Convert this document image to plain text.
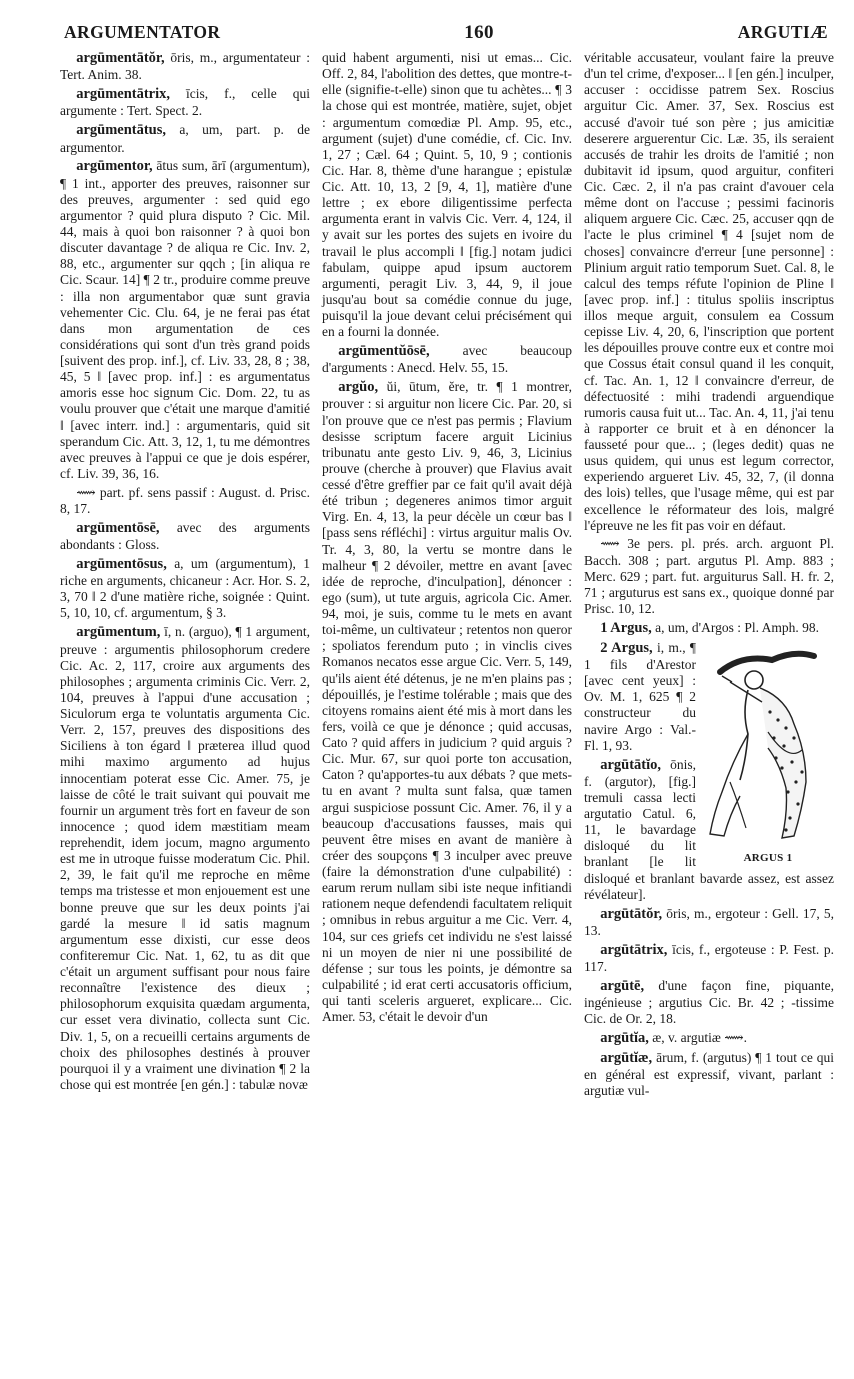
ARGUMENTATOR	160	ARGUTIÆ

argūmentātŏr, ōris, m., argumentateur : Tert. Anim. 38.

argūmentātrix, īcis, f., celle qui argumente : Tert. Spect. 2.

argūmentātus, a, um, part. p. de argumentor.

argūmentor, ātus sum, ārī (argumentum), ¶ 1 int., apporter des preuves, raisonner sur des preuves, argumenter : sed quid ego argumentor ? quid plura disputo ? Cic. Mil. 44, mais à quoi bon raisonner ? à quoi bon discuter davantage ? de aliqua re Cic. Inv. 2, 88, etc., argumenter sur qqch ; [in aliqua re Cic. Scaur. 14] ¶ 2 tr., produire comme preuve : illa non argumentabor quæ sunt gravia vehementer Cic. Clu. 64, je ne ferai pas état dans mon argumentation de ces considérations qui sont d'un très grand poids [suivent des prop. inf.], cf. Liv. 33, 28, 8 ; 38, 45, 5 ‖ [avec prop. inf.] : es argumentatus amoris esse hoc signum Cic. Dom. 22, tu as voulu prouver que c'était une marque d'amitié ‖ [avec interr. ind.] : argumentaris, quid sit sperandum Cic. Att. 3, 12, 1, tu me démontres avec preuves à l'appui ce que je dois espérer, cf. Liv. 39, 36, 16.

⟿ part. pf. sens passif : August. d. Prisc. 8, 17.

argūmentōsē, avec des arguments abondants : Gloss.

argūmentōsus, a, um (argumentum), 1 riche en arguments, chicaneur : Acr. Hor. S. 2, 3, 70 ‖ 2 d'une matière riche, soignée : Quint. 5, 10, 10, cf. argumentum, § 3.

argūmentum, ī, n. (arguo), ¶ 1 argument, preuve : argumentis philosophorum credere Cic. Ac. 2, 117, croire aux arguments des philosophes ; argumenta criminis Cic. Verr. 2, 104, preuves à l'appui d'une accusation ; Siculorum erga te voluntatis argumenta Cic. Verr. 2, 157, preuves des dispositions des Siciliens à ton égard ‖ præterea illud quod mihi maximo argumento ad hujus innocentiam poterat esse Cic. Amer. 75, je laisse de côté le trait suivant qui pouvait me fournir un argument très fort en faveur de son innocence ; quod idem mæstitiam meam reprehendit, idem jocum, magno argumento est me in utroque fuisse moderatum Cic. Phil. 2, 39, le fait qu'il me reproche en même temps ma tristesse et mon enjouement est une bonne preuve que sur les deux points j'ai gardé la mesure ‖ id satis magnum argumentum esse dixisti, cur esse deos confiteremur Cic. Nat. 1, 62, tu as dit que c'était un argument suffisant pour nous faire reconnaître l'existence des dieux ; philosophorum exquisita quædam argumenta, cur esset vera divinatio, collecta sunt Cic. Div. 1, 5, on a recueilli certains arguments de choix des philosophes destinés à prouver pourquoi il y a vraiment une divination ¶ 2 la chose qui est montrée [en gén.] : tabulæ novæ

quid habent argumenti, nisi ut emas... Cic. Off. 2, 84, l'abolition des dettes, que montre-t-elle (signifie-t-elle) sinon que tu achètes... ¶ 3 la chose qui est montrée, matière, sujet, objet : argumentum comœdiæ Pl. Amp. 95, etc., argument (sujet) d'une comédie, cf. Cic. Inv. 1, 27 ; Cæl. 64 ; Quint. 5, 10, 9 ; contionis Cic. Har. 8, thème d'une harangue ; epistulæ Cic. Att. 10, 13, 2 [9, 4, 1], matière d'une lettre ; ex ebore diligentissime perfecta argumenta erant in valvis Cic. Verr. 4, 124, il y avait sur les portes des sujets en ivoire du travail le plus accompli ‖ [fig.] notam judici fabulam, quippe apud ipsum auctorem argumenti, peragit Liv. 3, 44, 9, il joue jusqu'au bout sa comédie connue du juge, puisqu'il la joue devant celui précisément qui en a fourni la donnée.

argūmentŭōsē, avec beaucoup d'arguments : Anecd. Helv. 55, 15.

argŭo, ŭi, ūtum, ĕre, tr. ¶ 1 montrer, prouver : si arguitur non licere Cic. Par. 20, si l'on prouve que ce n'est pas permis ; Flavium desisse scriptum facere arguit Licinius tribunatu ante gesto Liv. 9, 46, 3, Licinius prouve (cherche à prouver) que Flavius avait cessé d'être greffier par ce fait qu'il avait déjà été tribun ; degeneres animos timor arguit Virg. En. 4, 13, la peur décèle un cœur bas ‖ [pass sens réfléchi] : virtus arguitur malis Ov. Tr. 4, 3, 80, la vertu se montre dans le malheur ¶ 2 dévoiler, mettre en avant [avec idée de reproche, d'inculpation], dénoncer : ego (sum), ut tute arguis, agricola Cic. Amer. 94, moi, je suis, comme tu le mets en avant toi-même, un cultivateur ; retentos non queror ; spoliatos ferendum puto ; in vinclis cives Romanos necatos esse argue Cic. Verr. 5, 149, qu'ils aient été détenus, je ne m'en plains pas ; dépouillés, je l'estime tolérable ; mais que des citoyens romains aient été mis à mort dans les fers, voilà ce que je dénonce ; quid accusas, Cato ? quid affers in judicium ? quid arguis ? Cic. Mur. 67, sur quoi porte ton accusation, Caton ? qu'apportes-tu aux débats ? que mets-tu en avant ? multa sunt falsa, quæ tamen argui suspiciose possunt Cic. Amer. 76, il y a beaucoup d'accusations fausses, mais qui peuvent être mises en avant de manière à créer des soupçons ¶ 3 inculper avec preuve (faire la démonstration d'une culpabilité) : earum rerum nullam sibi iste neque infitiandi rationem neque defendendi facultatem reliquit ; omnibus in rebus arguitur a me Cic. Verr. 4, 104, sur ces griefs cet individu ne s'est laissé ni un moyen de nier ni une possibilité de défense ; sur tous les points, je démontre sa culpabilité ; id erat certi accusatoris officium, qui tanti sceleris argueret, explicare... Cic. Amer. 53, c'était le devoir d'un

véritable accusateur, voulant faire la preuve d'un tel crime, d'exposer... ‖ [en gén.] inculper, accuser : occidisse patrem Sex. Roscius arguitur Cic. Amer. 37, Sex. Roscius est accusé d'avoir tué son père ; jus amicitiæ deserere arguerentur Cic. Læ. 35, ils seraient accusés de trahir les droits de l'amitié ; non dubitavit id ipsum, quod arguitur, confiteri Cic. Cæc. 2, il n'a pas craint d'avouer cela même dont on l'accuse ; pessimi facinoris aliquem arguere Cic. Cæc. 25, accuser qqn de l'acte le plus criminel ¶ 4 [sujet nom de choses] convaincre d'erreur [une personne] : Plinium arguit ratio temporum Suet. Cal. 8, le calcul des temps réfute l'opinion de Pline ‖ [avec prop. inf.] : titulus spoliis inscriptus illos meque arguit, consulem ea Cossum cepisse Liv. 4, 20, 6, l'inscription que portent les dépouilles prouve contre eux et contre moi que Cossus était consul quand il les conquit, cf. Tac. An. 1, 12 ‖ convaincre d'erreur, de défectuosité : mihi tradendi arguendique rumoris causa fuit ut... Tac. An. 4, 11, j'ai tenu à rapporter ce bruit et à en dénoncer la fausseté pour que... ; (leges dedit) quas ne usus quidem, qui unus est legum corrector, experiendo argueret Liv. 45, 32, 7, (il donna des lois) telles, que l'usage même, qui est par excellence le réformateur des lois, malgré l'épreuve ne les fit pas voir en défaut.

⟿ 3e pers. pl. prés. arch. arguont Pl. Bacch. 308 ; part. argutus Pl. Amp. 883 ; Merc. 629 ; part. fut. arguiturus Sall. H. fr. 2, 71 ; arguturus est sans ex., quoique donné par Prisc. 10, 12.

1 Argus, a, um, d'Argos : Pl. Amph. 98.

ARGUS 1

2 Argus, i, m., ¶ 1 fils d'Arestor [avec cent yeux] : Ov. M. 1, 625 ¶ 2 constructeur du navire Argo : Val.-Fl. 1, 93.

argūtātĭo, ōnis, f. (argutor), [fig.] tremuli cassa lecti argutatio Catul. 6, 11, le bavardage disloqué du lit branlant [le lit disloqué et branlant bavarde assez, est assez révélateur].

argūtātŏr, ōris, m., ergoteur : Gell. 17, 5, 13.

argūtātrix, īcis, f., ergoteuse : P. Fest. p. 117.

argūtē, d'une façon fine, piquante, ingénieuse ; argutius Cic. Br. 42 ; -tissime Cic. de Or. 2, 18.

argūtĭa, æ, v. argutiæ ⟿.

argūtĭæ, ārum, f. (argutus) ¶ 1 tout ce qui en général est expressif, vivant, parlant : argutiæ vul-
